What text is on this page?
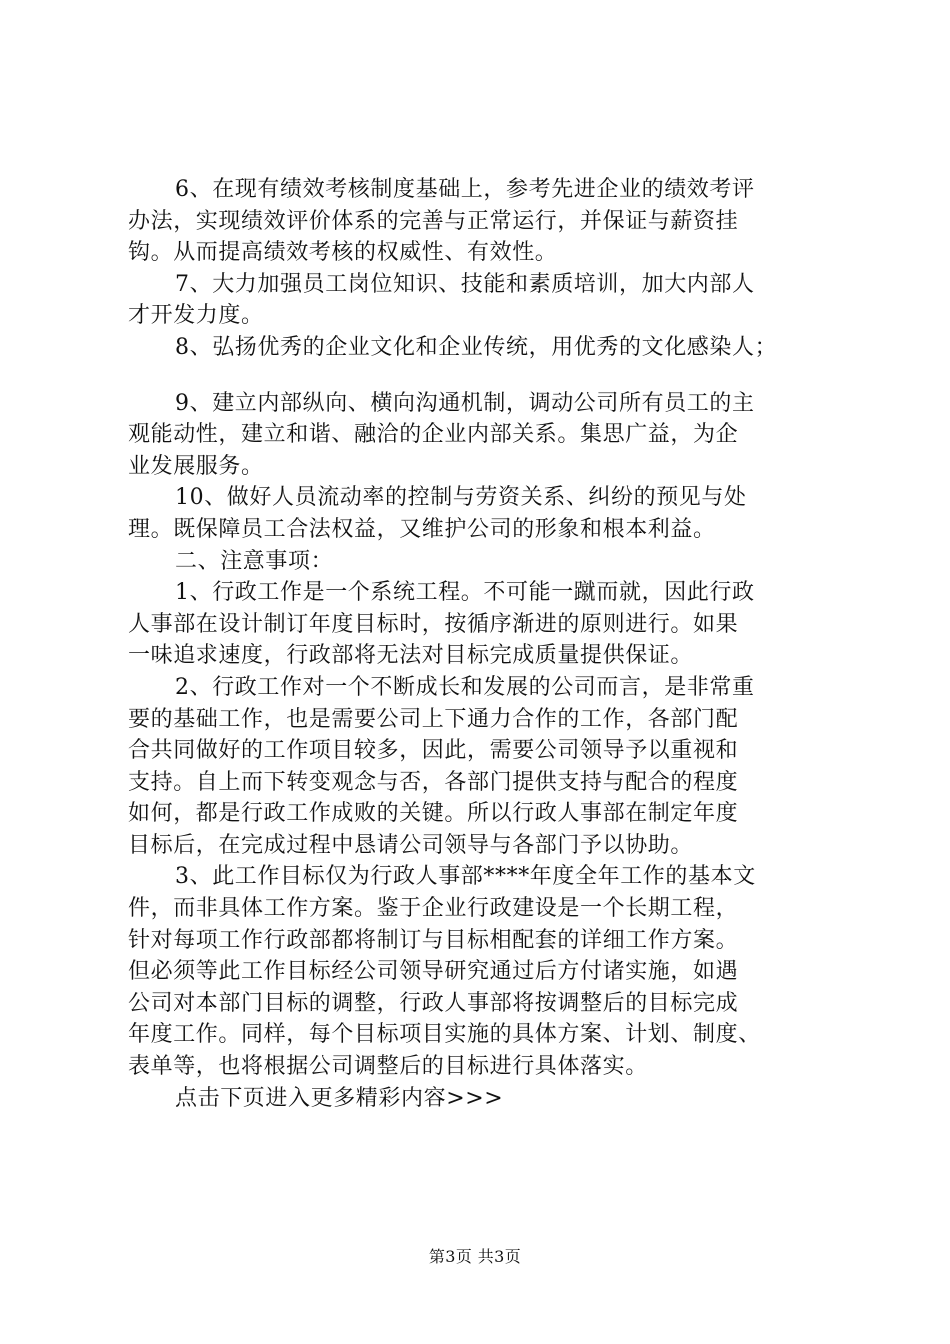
6、在现有绩效考核制度基础上，参考先进企业的绩效考评
办法，实现绩效评价体系的完善与正常运行，并保证与薪资挂
钩。从而提高绩效考核的权威性、有效性。
7、大力加强员工岗位知识、技能和素质培训，加大内部人
才开发力度。
8、弘扬优秀的企业文化和企业传统，用优秀的文化感染人；
9、建立内部纵向、横向沟通机制，调动公司所有员工的主
观能动性，建立和谐、融洽的企业内部关系。集思广益，为企
业发展服务。
10、做好人员流动率的控制与劳资关系、纠纷的预见与处
理。既保障员工合法权益，又维护公司的形象和根本利益。
二、注意事项：
1、行政工作是一个系统工程。不可能一蹴而就，因此行政
人事部在设计制订年度目标时，按循序渐进的原则进行。如果
一味追求速度，行政部将无法对目标完成质量提供保证。
2、行政工作对一个不断成长和发展的公司而言，是非常重
要的基础工作，也是需要公司上下通力合作的工作，各部门配
合共同做好的工作项目较多，因此，需要公司领导予以重视和
支持。自上而下转变观念与否，各部门提供支持与配合的程度
如何，都是行政工作成败的关键。所以行政人事部在制定年度
目标后，在完成过程中恳请公司领导与各部门予以协助。
3、此工作目标仅为行政人事部****年度全年工作的基本文
件，而非具体工作方案。鉴于企业行政建设是一个长期工程，
针对每项工作行政部都将制订与目标相配套的详细工作方案。
但必须等此工作目标经公司领导研究通过后方付诸实施，如遇
公司对本部门目标的调整，行政人事部将按调整后的目标完成
年度工作。同样，每个目标项目实施的具体方案、计划、制度、
表单等，也将根据公司调整后的目标进行具体落实。
点击下页进入更多精彩内容>>>
第3页 共3页
